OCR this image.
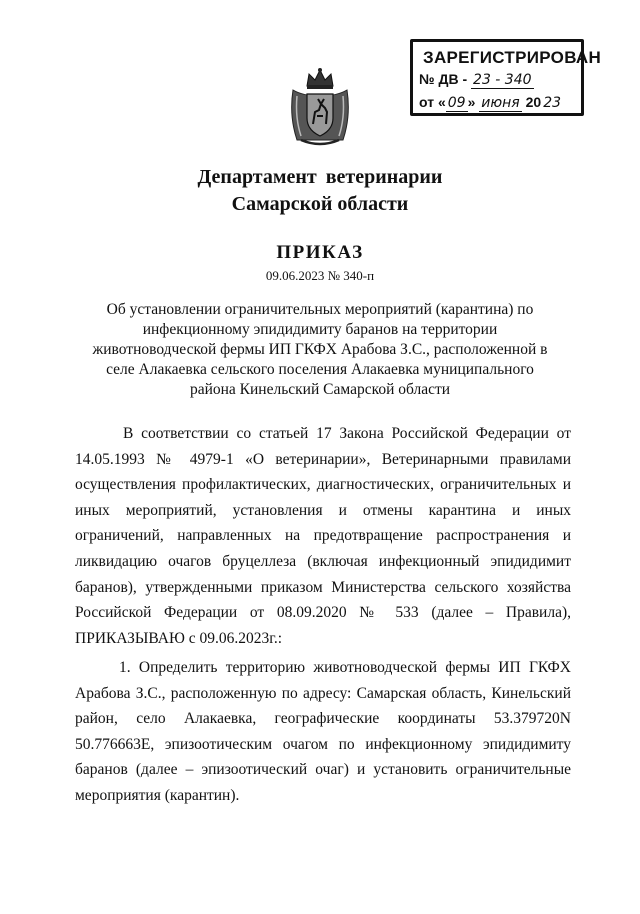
ЗАРЕГИСТРИРОВАН
№ ДВ - 23 - 340
от « 09 » июня 20 23
Департамент ветеринарии
Самарской области
ПРИКАЗ
09.06.2023 № 340-п
Об установлении ограничительных мероприятий (карантина) по инфекционному эпидидимиту баранов на территории животноводческой фермы ИП ГКФХ Арабова З.С., расположенной в селе Алакаевка сельского поселения Алакаевка муниципального района Кинельский Самарской области
В соответствии со статьей 17 Закона Российской Федерации от 14.05.1993 № 4979-1 «О ветеринарии», Ветеринарными правилами осуществления профилактических, диагностических, ограничительных и иных мероприятий, установления и отмены карантина и иных ограничений, направленных на предотвращение распространения и ликвидацию очагов бруцеллеза (включая инфекционный эпидидимит баранов), утвержденными приказом Министерства сельского хозяйства Российской Федерации от 08.09.2020 № 533 (далее – Правила), ПРИКАЗЫВАЮ с 09.06.2023г.:
1. Определить территорию животноводческой фермы ИП ГКФХ Арабова З.С., расположенную по адресу: Самарская область, Кинельский район, село Алакаевка, географические координаты 53.379720N 50.776663E, эпизоотическим очагом по инфекционному эпидидимиту баранов (далее – эпизоотический очаг) и установить ограничительные мероприятия (карантин).
